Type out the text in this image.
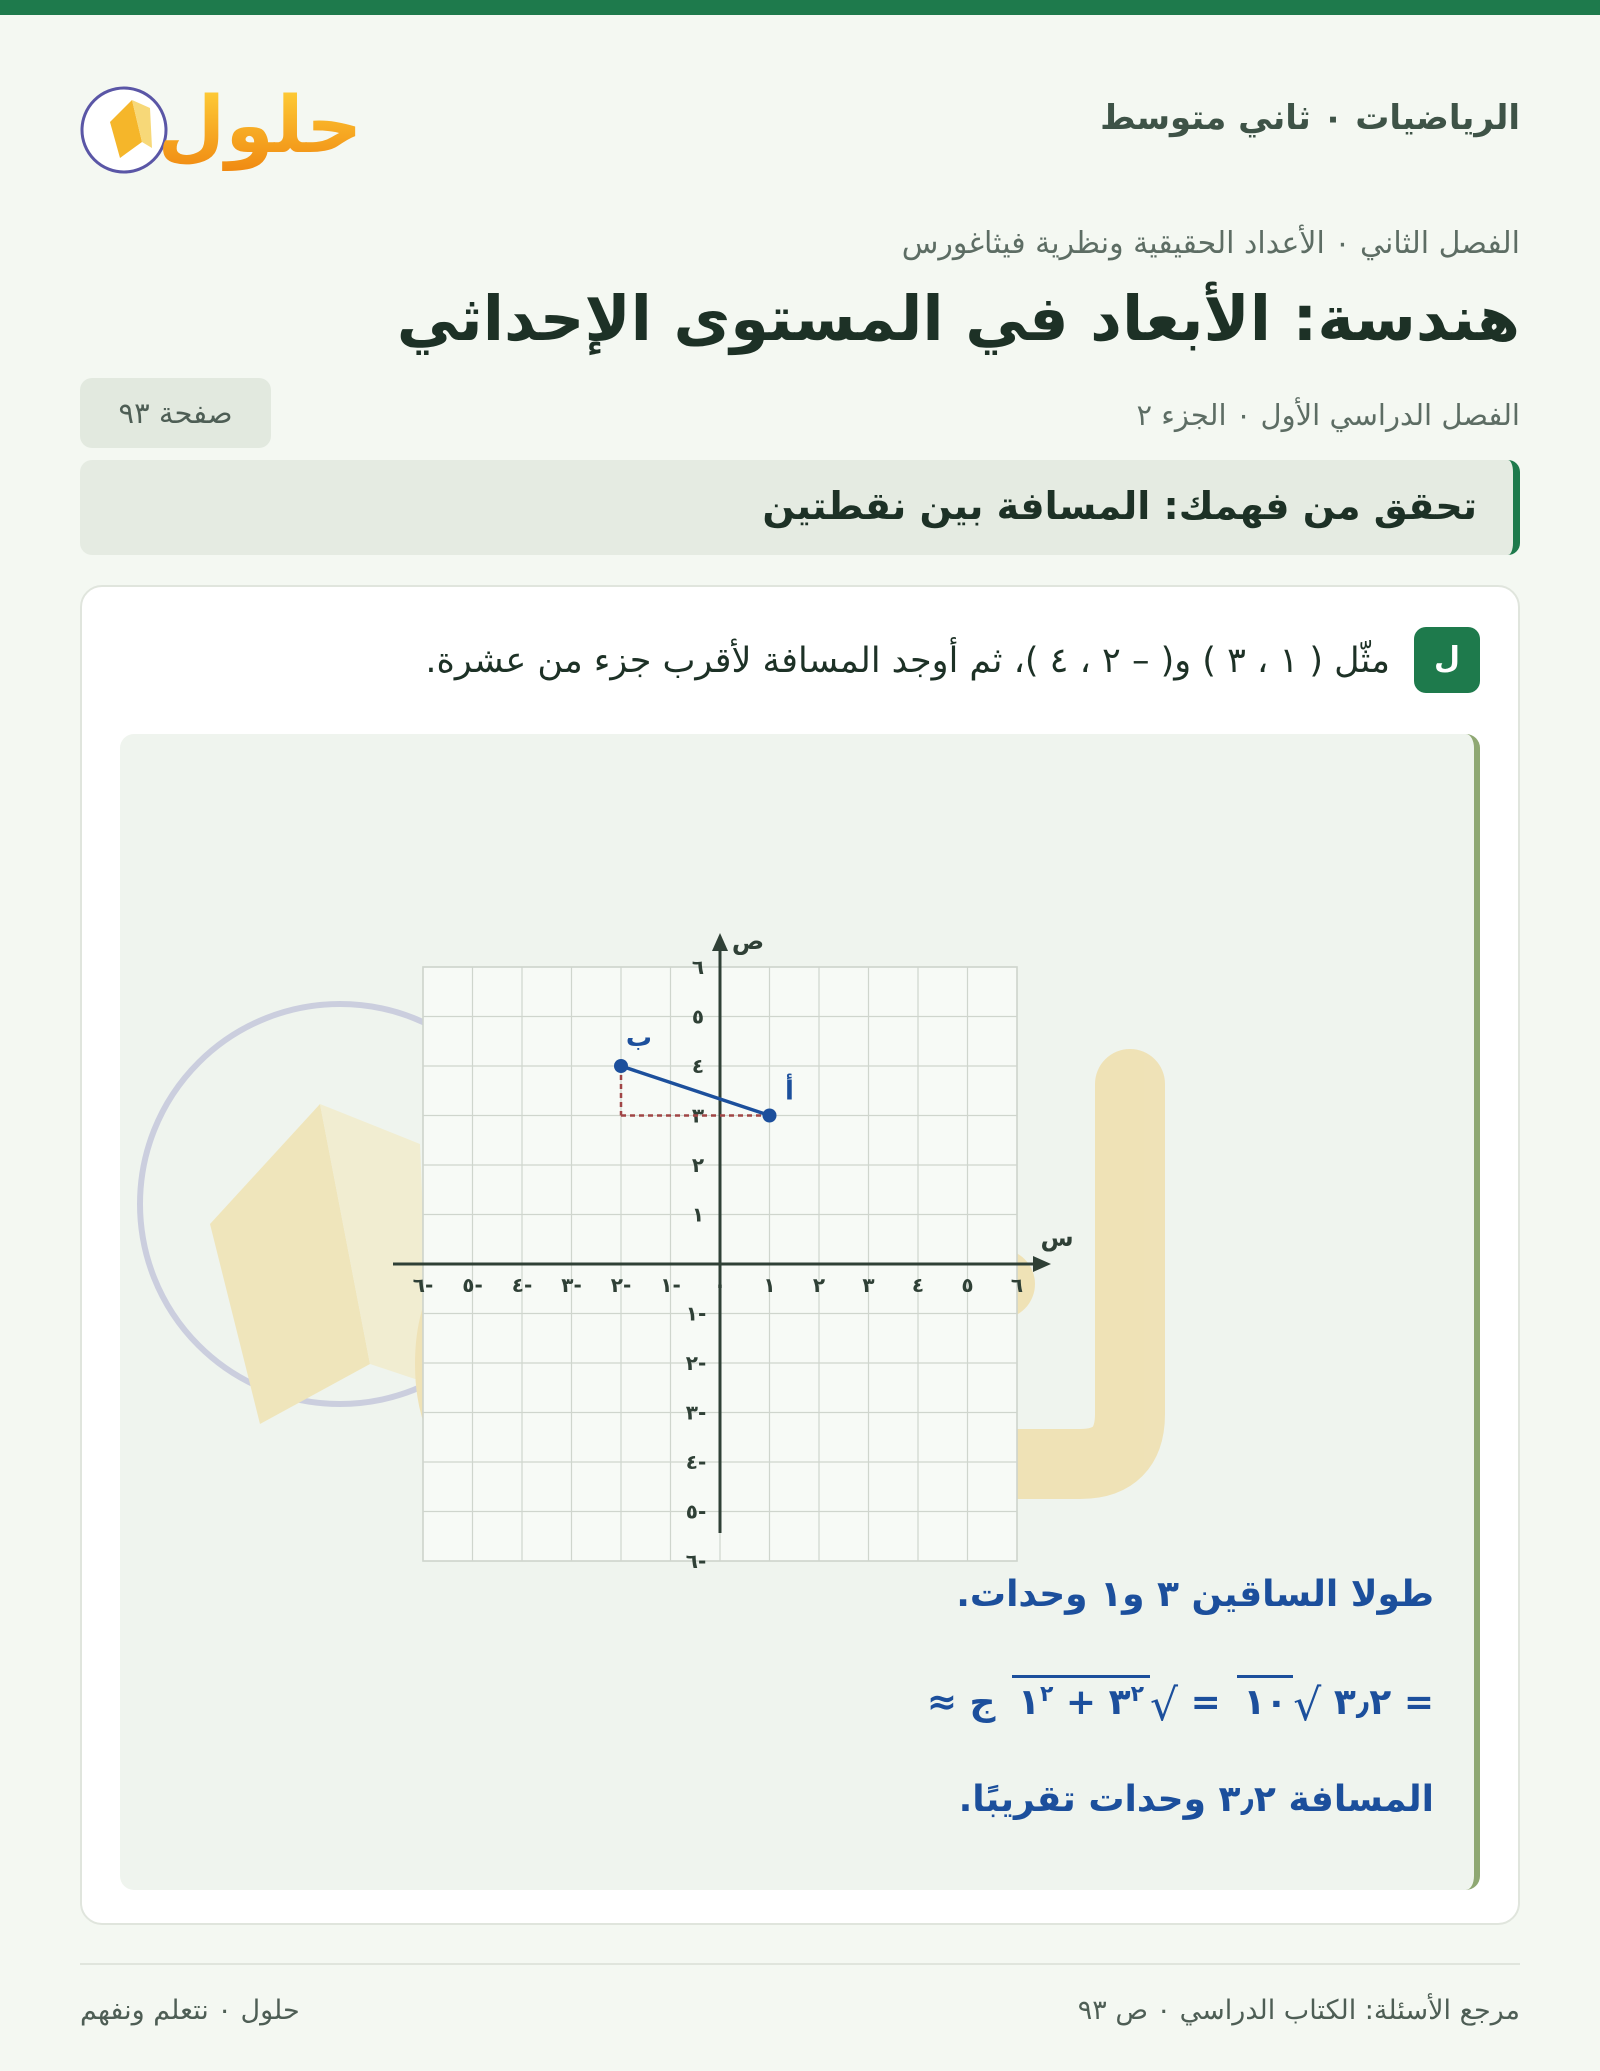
الرياضيات ٠ ثاني متوسط
حلول
الفصل الثاني ٠ الأعداد الحقيقية ونظرية فيثاغورس
هندسة: الأبعاد في المستوى الإحداثي
الفصل الدراسي الأول ٠ الجزء ٢
صفحة ٩٣
تحقق من فهمك: المسافة بين نقطتين
ل
مثّل ( ١ ، ٣ ) و( – ٢ ، ٤ )، ثم أوجد المسافة لأقرب جزء من عشرة.
س
ص
-٦ -٥ -٤ -٣ -٢ -١ ٠ ١ ٢ ٣ ٤ ٥ ٦
١
٢
٣
٤
٥
٦
-١
-٢
-٣
-٤
-٥
-٦
أ
ب
طولا الساقين ٣ و١ وحدات.
≈ ٣٫٢ √١٠ = $√٣^٢$ + $١^٢$ ج =
المسافة ٣٫٢ وحدات تقريبًا.
مرجع الأسئلة: الكتاب الدراسي ٠ ص ٩٣
حلول ٠ نتعلم ونفهم
